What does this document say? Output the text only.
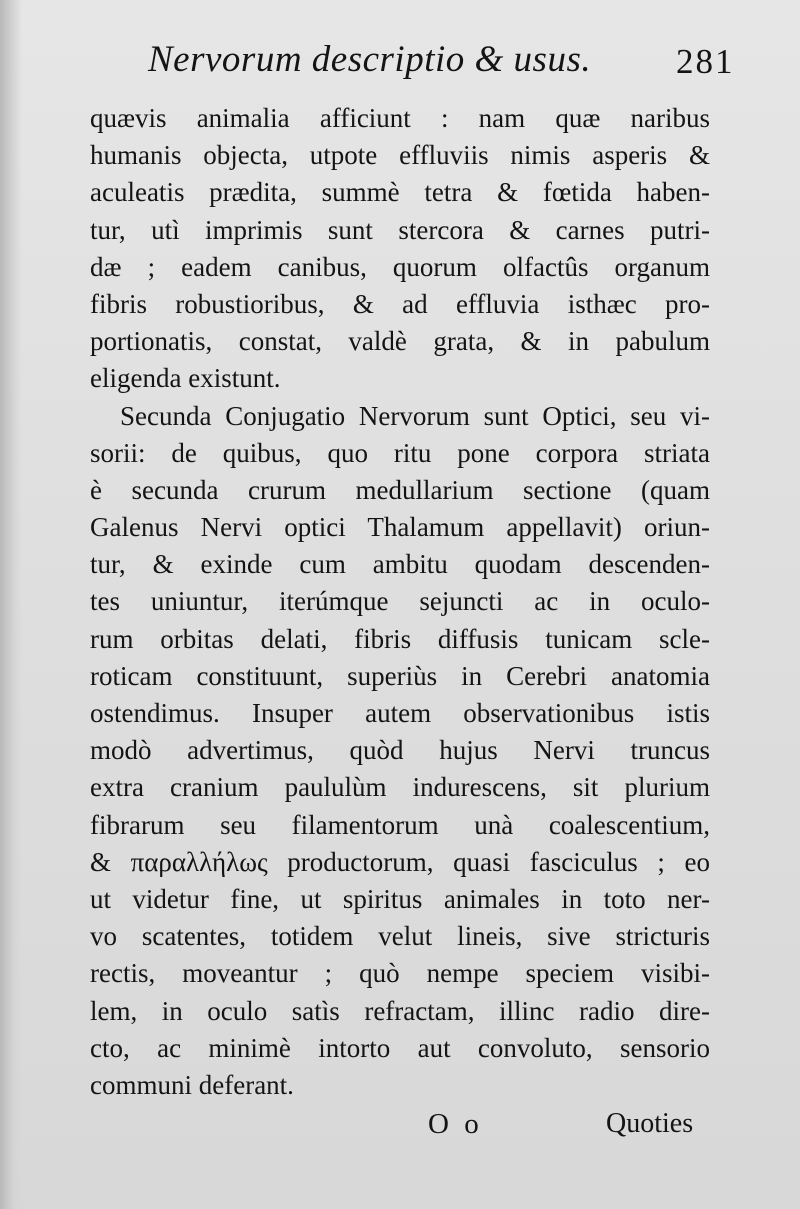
Nervorum descriptio & usus. 281
quævis animalia afficiunt : nam quæ naribus
humanis objecta, utpote effluviis nimis asperis &
aculeatis prædita, summè tetra & fœtida haben-
tur, utì imprimis sunt stercora & carnes putri-
dæ ; eadem canibus, quorum olfactûs organum
fibris robustioribus, & ad effluvia isthæc pro-
portionatis, constat, valdè grata, & in pabulum
eligenda existunt.
Secunda Conjugatio Nervorum sunt Optici, seu vi-
sorii: de quibus, quo ritu pone corpora striata
è secunda crurum medullarium sectione (quam
Galenus Nervi optici Thalamum appellavit) oriun-
tur, & exinde cum ambitu quodam descenden-
tes uniuntur, iterúmque sejuncti ac in oculo-
rum orbitas delati, fibris diffusis tunicam scle-
roticam constituunt, superiùs in Cerebri anatomia
ostendimus. Insuper autem observationibus istis
modò advertimus, quòd hujus Nervi truncus
extra cranium paululùm indurescens, sit plurium
fibrarum seu filamentorum unà coalescentium,
& παραλλήλως productorum, quasi fasciculus ; eo
ut videtur fine, ut spiritus animales in toto ner-
vo scatentes, totidem velut lineis, sive stricturis
rectis, moveantur ; quò nempe speciem visibi-
lem, in oculo satìs refractam, illinc radio dire-
cto, ac minimè intorto aut convoluto, sensorio
communi deferant.
O o	Quoties
